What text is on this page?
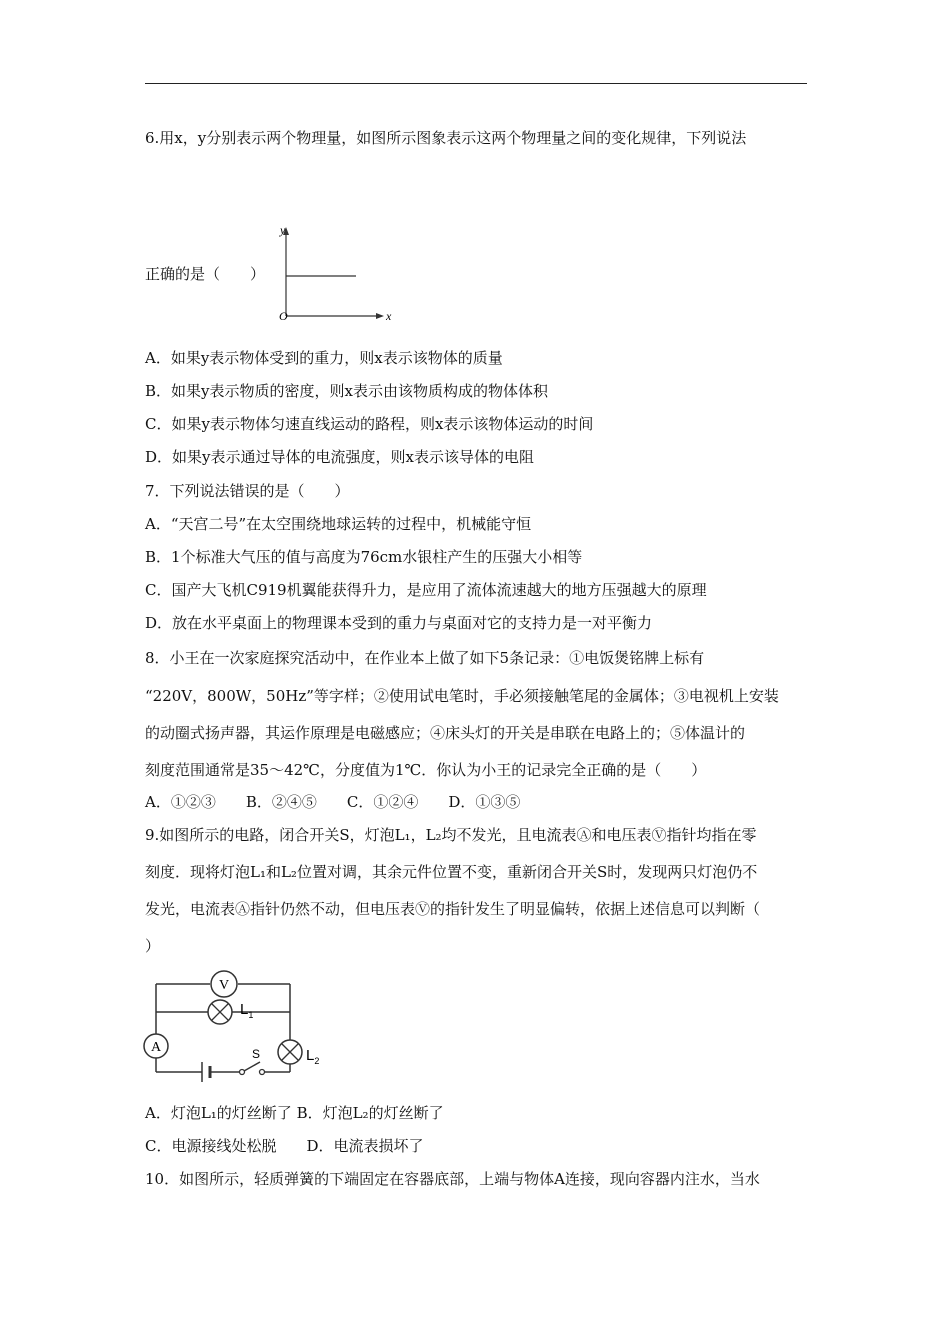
6.用x，y分别表示两个物理量，如图所示图象表示这两个物理量之间的变化规律，下列说法
正确的是（　　）
y
x
O
A．如果y表示物体受到的重力，则x表示该物体的质量
B．如果y表示物质的密度，则x表示由该物质构成的物体体积
C．如果y表示物体匀速直线运动的路程，则x表示该物体运动的时间
D．如果y表示通过导体的电流强度，则x表示该导体的电阻
7．下列说法错误的是（　　）
A．“天宫二号”在太空围绕地球运转的过程中，机械能守恒
B．1个标准大气压的值与高度为76cm水银柱产生的压强大小相等
C．国产大飞机C919机翼能获得升力，是应用了流体流速越大的地方压强越大的原理
D．放在水平桌面上的物理课本受到的重力与桌面对它的支持力是一对平衡力
8．小王在一次家庭探究活动中，在作业本上做了如下5条记录：①电饭煲铭牌上标有
“220V，800W，50Hz”等字样；②使用试电笔时，手必须接触笔尾的金属体；③电视机上安装
的动圈式扬声器，其运作原理是电磁感应；④床头灯的开关是串联在电路上的；⑤体温计的
刻度范围通常是35～42℃，分度值为1℃．你认为小王的记录完全正确的是（　　）
A．①②③　　B．②④⑤　　C．①②④　　D．①③⑤
9.如图所示的电路，闭合开关S，灯泡L₁，L₂均不发光，且电流表Ⓐ和电压表Ⓥ指针均指在零
刻度．现将灯泡L₁和L₂位置对调，其余元件位置不变，重新闭合开关S时，发现两只灯泡仍不
发光，电流表Ⓐ指针仍然不动，但电压表Ⓥ的指针发生了明显偏转，依据上述信息可以判断（
）
V
$L_1$
A	$L_2$
S
A．灯泡L₁的灯丝断了 B．灯泡L₂的灯丝断了
C．电源接线处松脱　　D．电流表损坏了
10．如图所示，轻质弹簧的下端固定在容器底部，上端与物体A连接，现向容器内注水，当水
